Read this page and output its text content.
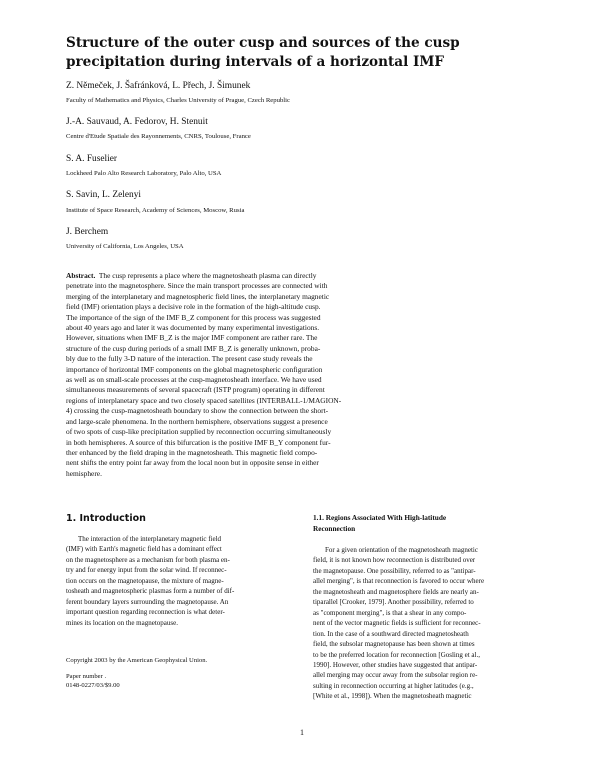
Structure of the outer cusp and sources of the cusp
precipitation during intervals of a horizontal IMF
Z. Němeček, J. Šafránková, L. Přech, J. Šimunek
Faculty of Mathematics and Physics, Charles University of Prague, Czech Republic
J.-A. Sauvaud, A. Fedorov, H. Stenuit
Centre d'Etude Spatiale des Rayonnements, CNRS, Toulouse, France
S. A. Fuselier
Lockheed Palo Alto Research Laboratory, Palo Alto, USA
S. Savin, L. Zelenyi
Institute of Space Research, Academy of Sciences, Moscow, Rusia
J. Berchem
University of California, Los Angeles, USA
Abstract. The cusp represents a place where the magnetosheath plasma can directly
penetrate into the magnetosphere. Since the main transport processes are connected with
merging of the interplanetary and magnetospheric field lines, the interplanetary magnetic
field (IMF) orientation plays a decisive role in the formation of the high-altitude cusp.
The importance of the sign of the IMF B_Z component for this process was suggested
about 40 years ago and later it was documented by many experimental investigations.
However, situations when IMF B_Z is the major IMF component are rather rare. The
structure of the cusp during periods of a small IMF B_Z is generally unknown, proba-
bly due to the fully 3-D nature of the interaction. The present case study reveals the
importance of horizontal IMF components on the global magnetospheric configuration
as well as on small-scale processes at the cusp-magnetosheath interface. We have used
simultaneous measurements of several spacecraft (ISTP program) operating in different
regions of interplanetary space and two closely spaced satellites (INTERBALL-1/MAGION-
4) crossing the cusp-magnetosheath boundary to show the connection between the short-
and large-scale phenomena. In the northern hemisphere, observations suggest a presence
of two spots of cusp-like precipitation supplied by reconnection occurring simultaneously
in both hemispheres. A source of this bifurcation is the positive IMF B_Y component fur-
ther enhanced by the field draping in the magnetosheath. This magnetic field compo-
nent shifts the entry point far away from the local noon but in opposite sense in either
hemisphere.
1. Introduction
The interaction of the interplanetary magnetic field
(IMF) with Earth's magnetic field has a dominant effect
on the magnetosphere as a mechanism for both plasma en-
try and for energy input from the solar wind. If reconnec-
tion occurs on the magnetopause, the mixture of magne-
tosheath and magnetospheric plasmas form a number of dif-
ferent boundary layers surrounding the magnetopause. An
important question regarding reconnection is what deter-
mines its location on the magnetopause.
1.1. Regions Associated With High-latitude
Reconnection
For a given orientation of the magnetosheath magnetic
field, it is not known how reconnection is distributed over
the magnetopause. One possibility, referred to as "antipar-
allel merging", is that reconnection is favored to occur where
the magnetosheath and magnetosphere fields are nearly an-
tiparallel [Crooker, 1979]. Another possibility, referred to
as "component merging", is that a shear in any compo-
nent of the vector magnetic fields is sufficient for reconnec-
tion. In the case of a southward directed magnetosheath
field, the subsolar magnetopause has been shown at times
to be the preferred location for reconnection [Gosling et al.,
1990]. However, other studies have suggested that antipar-
allel merging may occur away from the subsolar region re-
sulting in reconnection occurring at higher latitudes (e.g.,
[White et al., 1998]). When the magnetosheath magnetic
Copyright 2003 by the American Geophysical Union.
Paper number .
0148-0227/03/$9.00
1
